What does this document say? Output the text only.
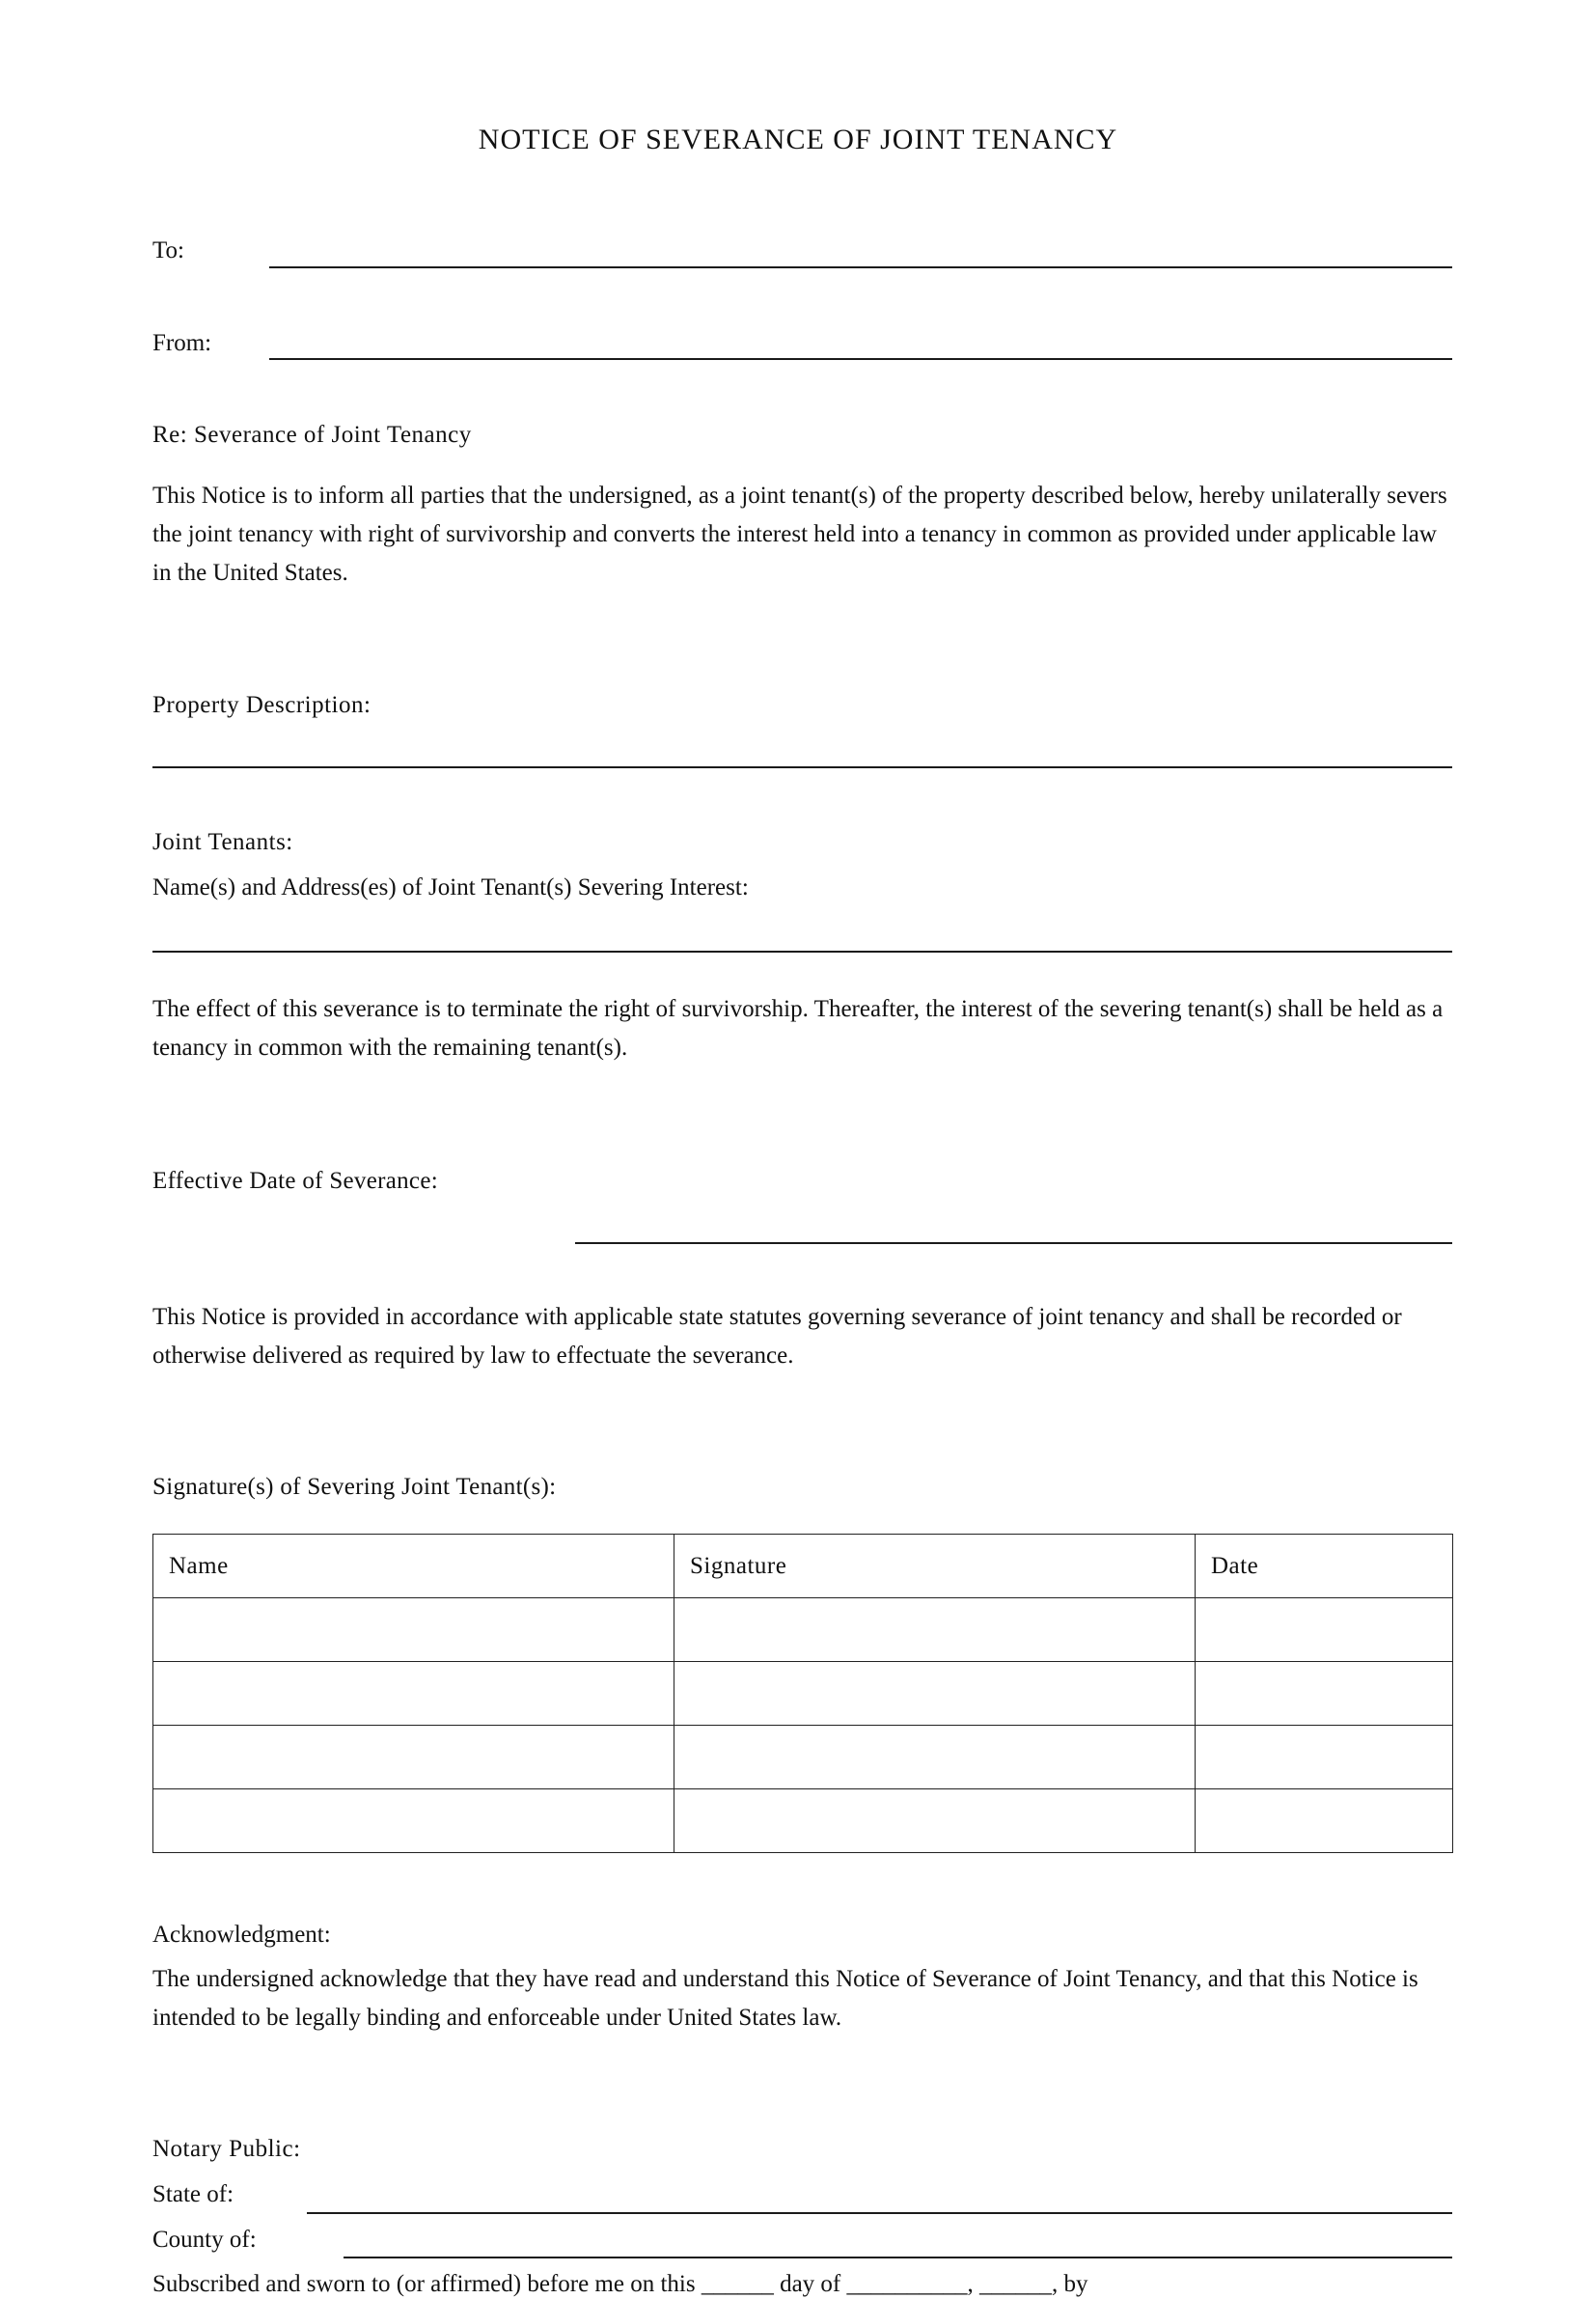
NOTICE OF SEVERANCE OF JOINT TENANCY
To:
From:
Re: Severance of Joint Tenancy
This Notice is to inform all parties that the undersigned, as a joint tenant(s) of the property described below, hereby unilaterally severs the joint tenancy with right of survivorship and converts the interest held into a tenancy in common as provided under applicable law in the United States.
Property Description:
Joint Tenants:
Name(s) and Address(es) of Joint Tenant(s) Severing Interest:
The effect of this severance is to terminate the right of survivorship. Thereafter, the interest of the severing tenant(s) shall be held as a tenancy in common with the remaining tenant(s).
Effective Date of Severance:
This Notice is provided in accordance with applicable state statutes governing severance of joint tenancy and shall be recorded or otherwise delivered as required by law to effectuate the severance.
Signature(s) of Severing Joint Tenant(s):
Name	Signature	Date

Acknowledgment:
The undersigned acknowledge that they have read and understand this Notice of Severance of Joint Tenancy, and that this Notice is intended to be legally binding and enforceable under United States law.
Notary Public:
State of:
County of:
Subscribed and sworn to (or affirmed) before me on this ______ day of __________, ______, by
